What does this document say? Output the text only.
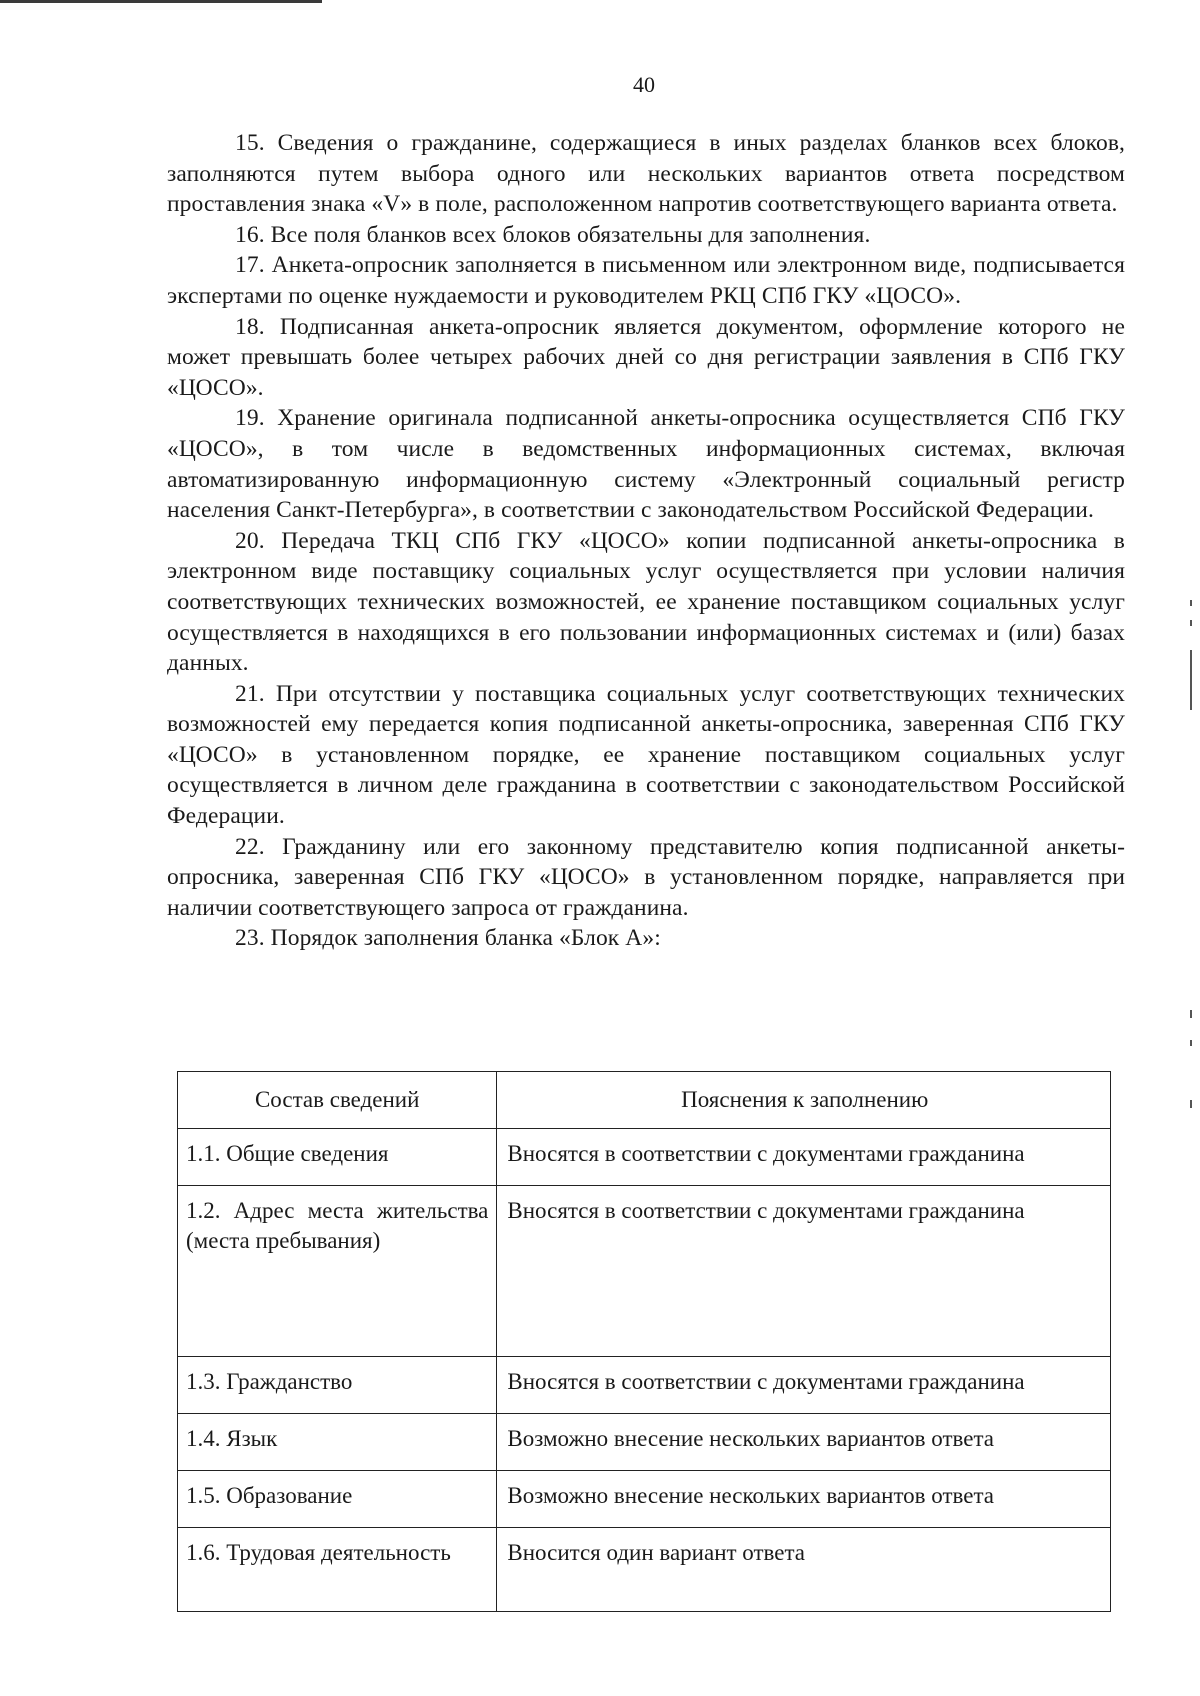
40

15. Сведения о гражданине, содержащиеся в иных разделах бланков всех блоков, заполняются путем выбора одного или нескольких вариантов ответа посредством проставления знака «V» в поле, расположенном напротив соответствующего варианта ответа.

16. Все поля бланков всех блоков обязательны для заполнения.

17. Анкета-опросник заполняется в письменном или электронном виде, подписывается экспертами по оценке нуждаемости и руководителем РКЦ СПб ГКУ «ЦОСО».

18. Подписанная анкета-опросник является документом, оформление которого не может превышать более четырех рабочих дней со дня регистрации заявления в СПб ГКУ «ЦОСО».

19. Хранение оригинала подписанной анкеты-опросника осуществляется СПб ГКУ «ЦОСО», в том числе в ведомственных информационных системах, включая автоматизированную информационную систему «Электронный социальный регистр населения Санкт-Петербурга», в соответствии с законодательством Российской Федерации.

20. Передача ТКЦ СПб ГКУ «ЦОСО» копии подписанной анкеты-опросника в электронном виде поставщику социальных услуг осуществляется при условии наличия соответствующих технических возможностей, ее хранение поставщиком социальных услуг осуществляется в находящихся в его пользовании информационных системах и (или) базах данных.

21. При отсутствии у поставщика социальных услуг соответствующих технических возможностей ему передается копия подписанной анкеты-опросника, заверенная СПб ГКУ «ЦОСО» в установленном порядке, ее хранение поставщиком социальных услуг осуществляется в личном деле гражданина в соответствии с законодательством Российской Федерации.

22. Гражданину или его законному представителю копия подписанной анкеты-опросника, заверенная СПб ГКУ «ЦОСО» в установленном порядке, направляется при наличии соответствующего запроса от гражданина.

23. Порядок заполнения бланка «Блок А»:

Состав сведений	Пояснения к заполнению
1.1. Общие сведения	Вносятся в соответствии с документами гражданина
1.2. Адрес места жительства (места пребывания)	Вносятся в соответствии с документами гражданина
1.3. Гражданство	Вносятся в соответствии с документами гражданина
1.4. Язык	Возможно внесение нескольких вариантов ответа
1.5. Образование	Возможно внесение нескольких вариантов ответа
1.6. Трудовая деятельность	Вносится один вариант ответа
